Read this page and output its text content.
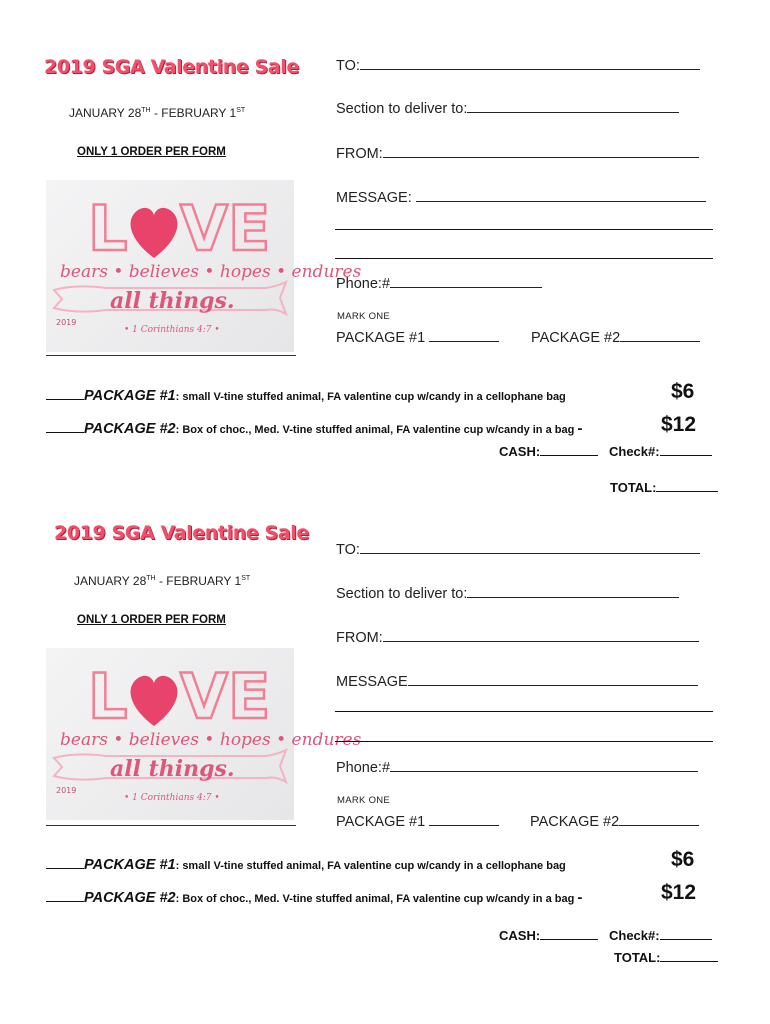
2019 SGA Valentine Sale
JANUARY 28TH - FEBRUARY 1ST
ONLY 1 ORDER PER FORM
L VE
bears • believes • hopes • endures
all things.
2019
• 1 Corinthians 4:7 •
TO:
Section to deliver to:
FROM:
MESSAGE:
Phone:#
MARK ONE
PACKAGE #1	PACKAGE #2
PACKAGE #1: small V-tine stuffed animal, FA valentine cup w/candy in a cellophane bag	$6
PACKAGE #2: Box of choc., Med. V-tine stuffed animal, FA valentine cup w/candy in a bag -	$12
CASH:	Check#:
TOTAL:
2019 SGA Valentine Sale
JANUARY 28TH - FEBRUARY 1ST
ONLY 1 ORDER PER FORM
L VE
bears • believes • hopes • endures
all things.
2019
• 1 Corinthians 4:7 •
TO:
Section to deliver to:
FROM:
MESSAGE
Phone:#
MARK ONE
PACKAGE #1	PACKAGE #2
PACKAGE #1: small V-tine stuffed animal, FA valentine cup w/candy in a cellophane bag	$6
PACKAGE #2: Box of choc., Med. V-tine stuffed animal, FA valentine cup w/candy in a bag -	$12
CASH:	Check#:
TOTAL:
